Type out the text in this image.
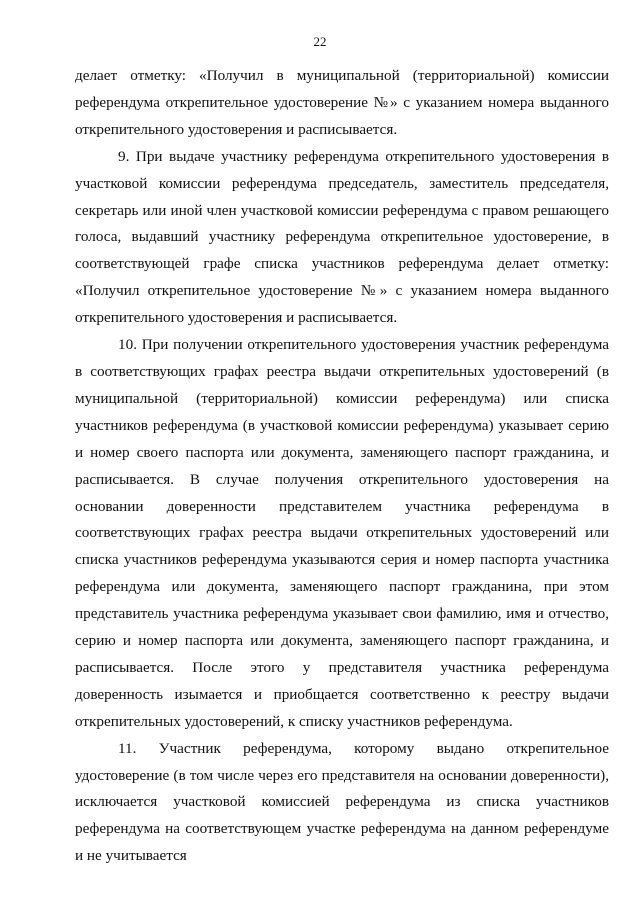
22

делает отметку: «Получил в муниципальной (территориальной) комиссии референдума открепительное удостоверение №» с указанием номера выданного открепительного удостоверения и расписывается.

9. При выдаче участнику референдума открепительного удостоверения в участковой комиссии референдума председатель, заместитель председателя, секретарь или иной член участковой комиссии референдума с правом решающего голоса, выдавший участнику референдума открепительное удостоверение, в соответствующей графе списка участников референдума делает отметку: «Получил открепительное удостоверение №» с указанием номера выданного открепительного удостоверения и расписывается.

10. При получении открепительного удостоверения участник референдума в соответствующих графах реестра выдачи открепительных удостоверений (в муниципальной (территориальной) комиссии референдума) или списка участников референдума (в участковой комиссии референдума) указывает серию и номер своего паспорта или документа, заменяющего паспорт гражданина, и расписывается. В случае получения открепительного удостоверения на основании доверенности представителем участника референдума в соответствующих графах реестра выдачи открепительных удостоверений или списка участников референдума указываются серия и номер паспорта участника референдума или документа, заменяющего паспорт гражданина, при этом представитель участника референдума указывает свои фамилию, имя и отчество, серию и номер паспорта или документа, заменяющего паспорт гражданина, и расписывается. После этого у представителя участника референдума доверенность изымается и приобщается соответственно к реестру выдачи открепительных удостоверений, к списку участников референдума.

11. Участник референдума, которому выдано открепительное удостоверение (в том числе через его представителя на основании доверенности), исключается участковой комиссией референдума из списка участников референдума на соответствующем участке референдума на данном референдуме и не учитывается
